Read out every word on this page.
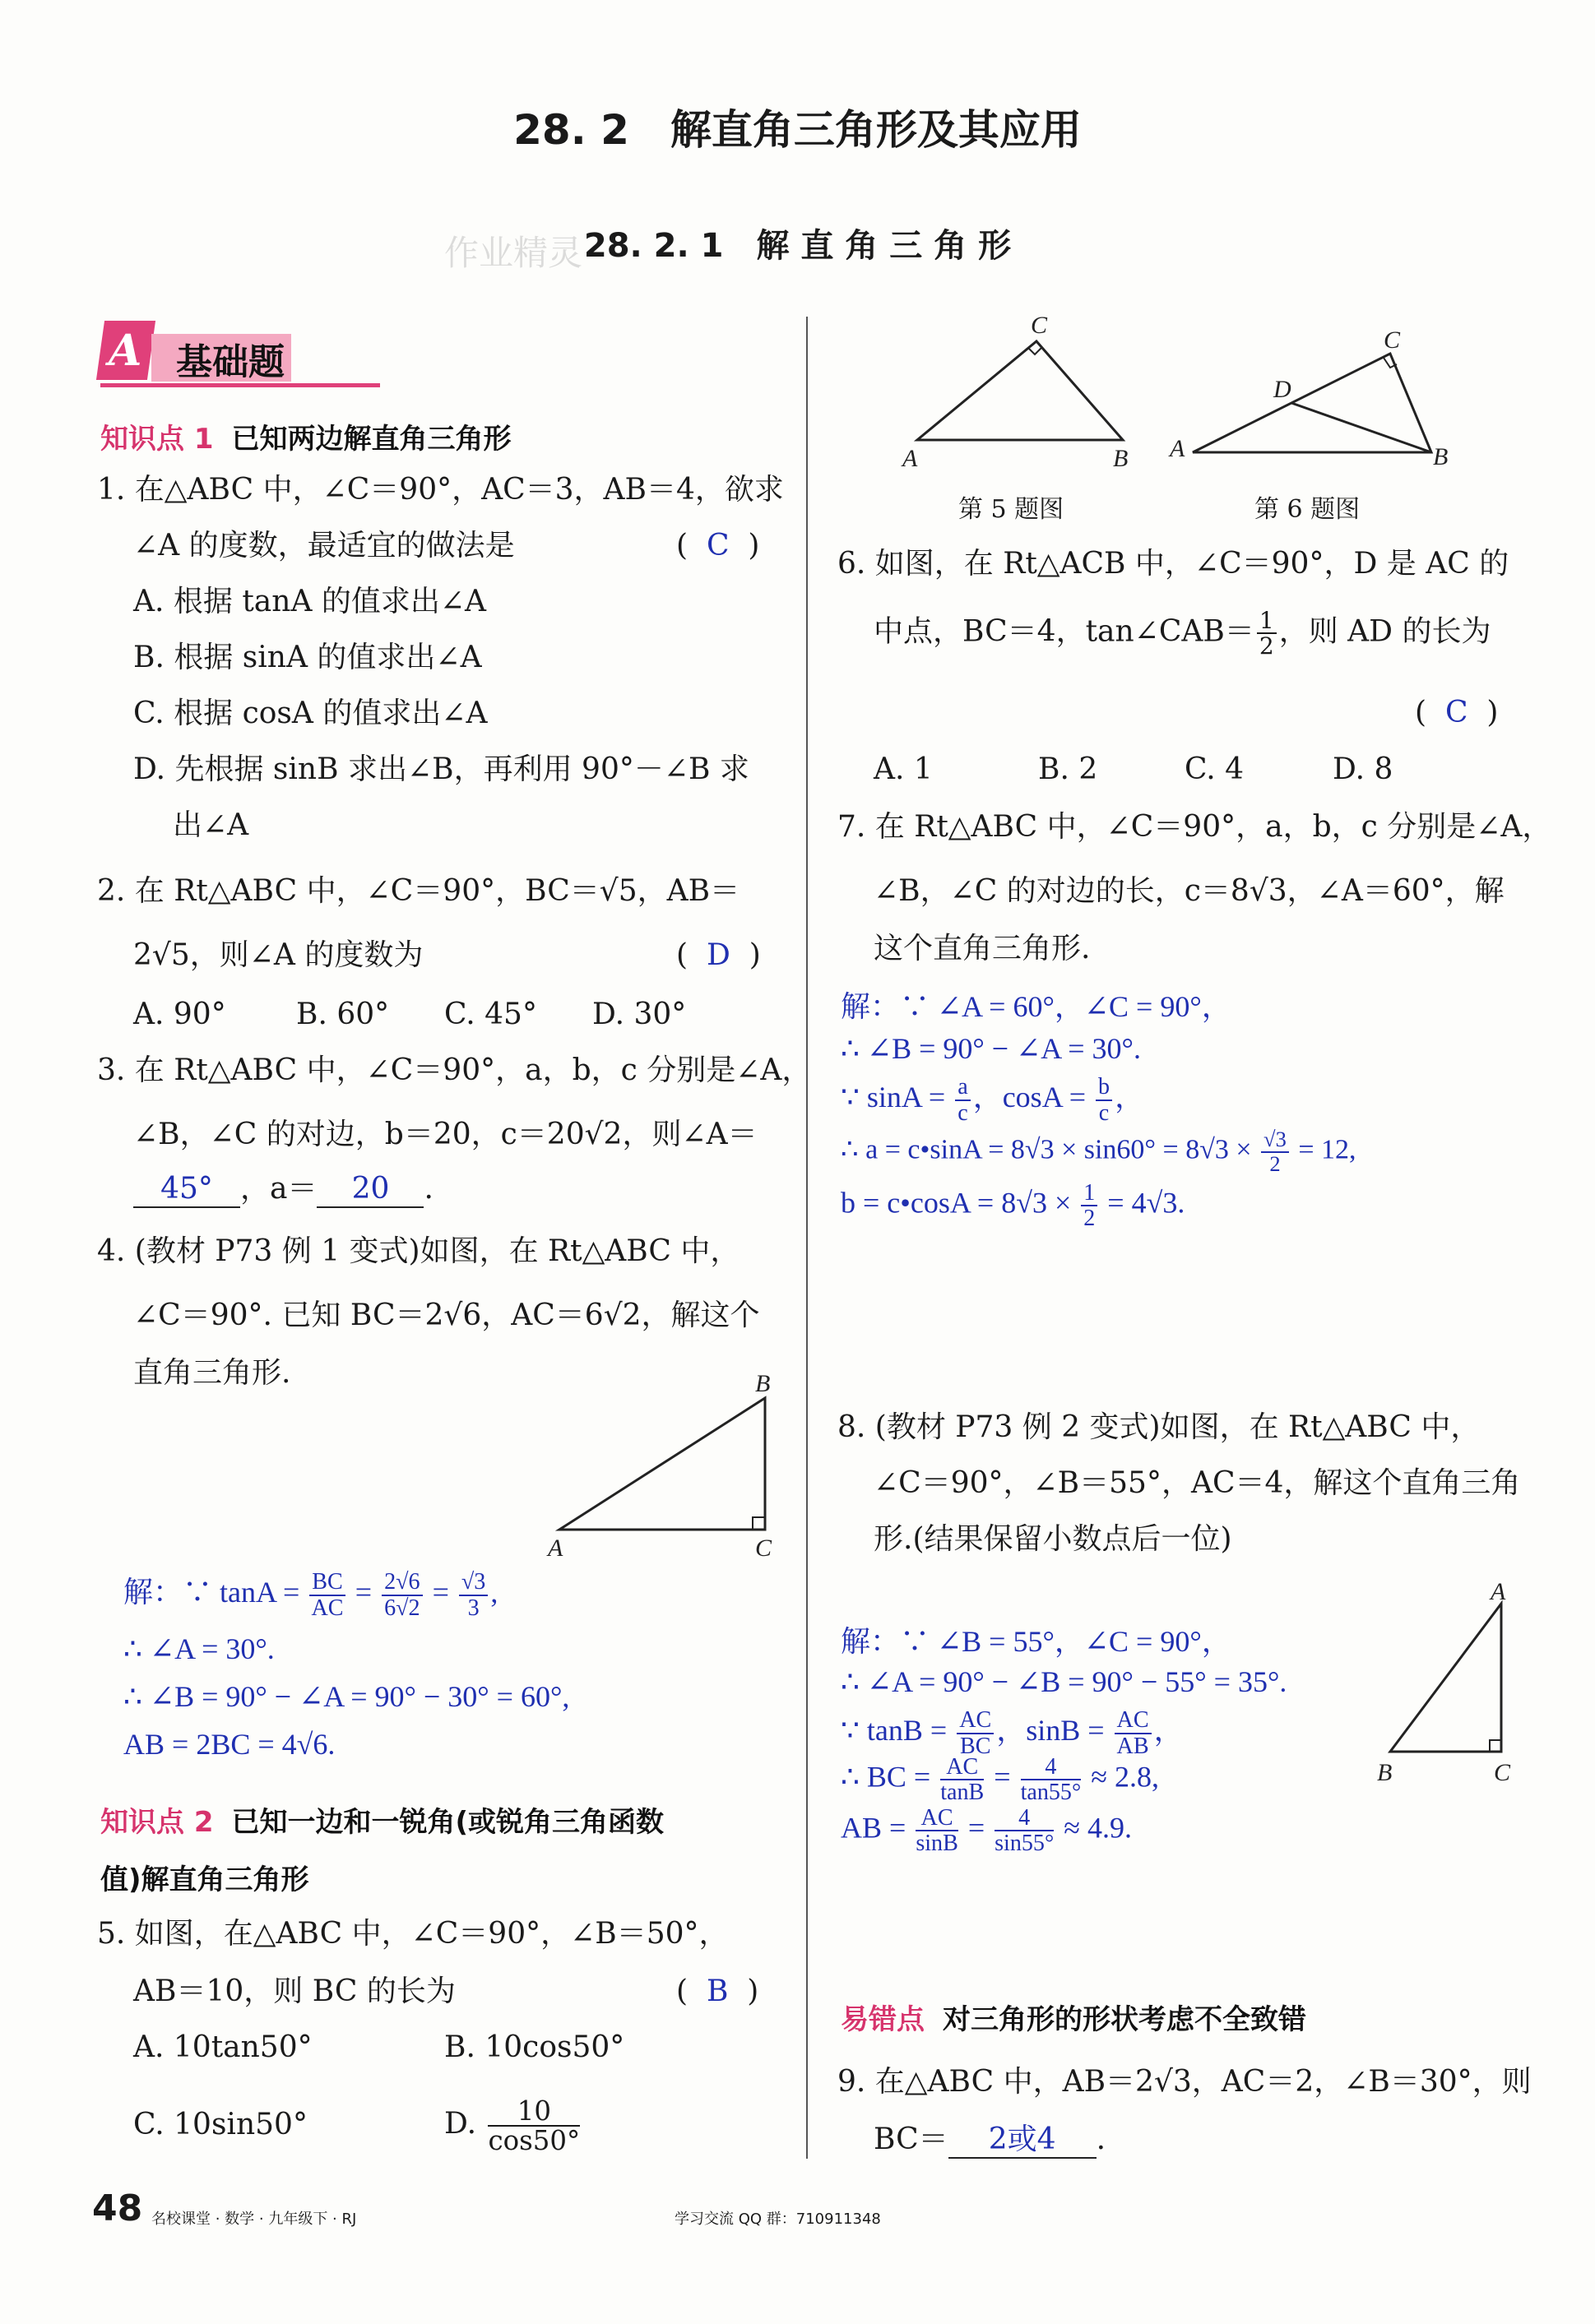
28. 2　解直角三角形及其应用
作业精灵 28. 2. 1　解 直 角 三 角 形
A 基础题
知识点 1 已知两边解直角三角形
1. 在△ABC 中，∠C＝90°，AC＝3，AB＝4，欲求
∠A 的度数，最适宜的做法是	(  C  )
A. 根据 tanA 的值求出∠A
B. 根据 sinA 的值求出∠A
C. 根据 cosA 的值求出∠A
D. 先根据 sinB 求出∠B，再利用 90°－∠B 求
出∠A
2. 在 Rt△ABC 中，∠C＝90°，BC＝√5，AB＝
2√5，则∠A 的度数为	(  D  )
A. 90° B. 60° C. 45° D. 30°
3. 在 Rt△ABC 中，∠C＝90°，a，b，c 分别是∠A，
∠B，∠C 的对边，b＝20，c＝20√2，则∠A＝
45° ，a＝ 20 .
4. (教材 P73 例 1 变式)如图，在 Rt△ABC 中，
∠C＝90°. 已知 BC＝2√6，AC＝6√2，解这个
直角三角形.	B
A	C
解：∵ $\tan A = \frac{BC}{AC} = \frac{2√6}{6√2} = \frac{√3}{3}$ ,
∴ ∠A = 30°.
∴ ∠B = 90° − ∠A = 90° − 30° = 60°,
AB = 2BC = 4√6.
知识点 2 已知一边和一锐角(或锐角三角函数
值)解直角三角形
5. 如图，在△ABC 中，∠C＝90°，∠B＝50°，
AB＝10，则 BC 的长为	(  B  )
A. 10tan50°	B. 10cos50°
C. 10sin50°	D. $\frac{10}{\cos 50^\circ}$
C
A	B
第 5 题图
C
D
A	B
第 6 题图
6. 如图，在 Rt△ACB 中，∠C＝90°，D 是 AC 的
中点，BC＝4，tan∠CAB＝ $\frac{1}{2}$ ，则 AD 的长为
(  C  )
A. 1	B. 2	C. 4	D. 8
7. 在 Rt△ABC 中，∠C＝90°，a，b，c 分别是∠A，
∠B，∠C 的对边的长，c＝8√3，∠A＝60°，解
这个直角三角形.
解：∵ ∠A = 60°，∠C = 90°，
∴ ∠B = 90° − ∠A = 30°.
∵ $\sin A = \frac{a}{c}$ ，$\cos A = \frac{b}{c}$ ，
∴ a = c•sinA = $8√3 \times \sin 60^\circ = 8√3 \times \frac{√3}{2} = 12$,
b = c•cosA = $8√3 \times \frac{1}{2} = 4√3$.
8. (教材 P73 例 2 变式)如图，在 Rt△ABC 中，
∠C＝90°，∠B＝55°，AC＝4，解这个直角三角
形.(结果保留小数点后一位)
A
B	C
解：∵ ∠B = 55°，∠C = 90°，
∴ ∠A = 90° − ∠B = 90° − 55° = 35°.
∵ $\tan B = \frac{AC}{BC}$ ，$\sin B = \frac{AC}{AB}$ ，
∴ BC = $\frac{AC}{\tan B} = \frac{4}{\tan 55^\circ} \approx 2.8$,
AB = $\frac{AC}{\sin B} = \frac{4}{\sin 55^\circ} \approx 4.9$.
易错点 对三角形的形状考虑不全致错
9. 在△ABC 中，AB＝2√3，AC＝2，∠B＝30°，则
BC＝ 2或4 .
48 名校课堂 · 数学 · 九年级下 · RJ	学习交流 QQ 群：710911348
